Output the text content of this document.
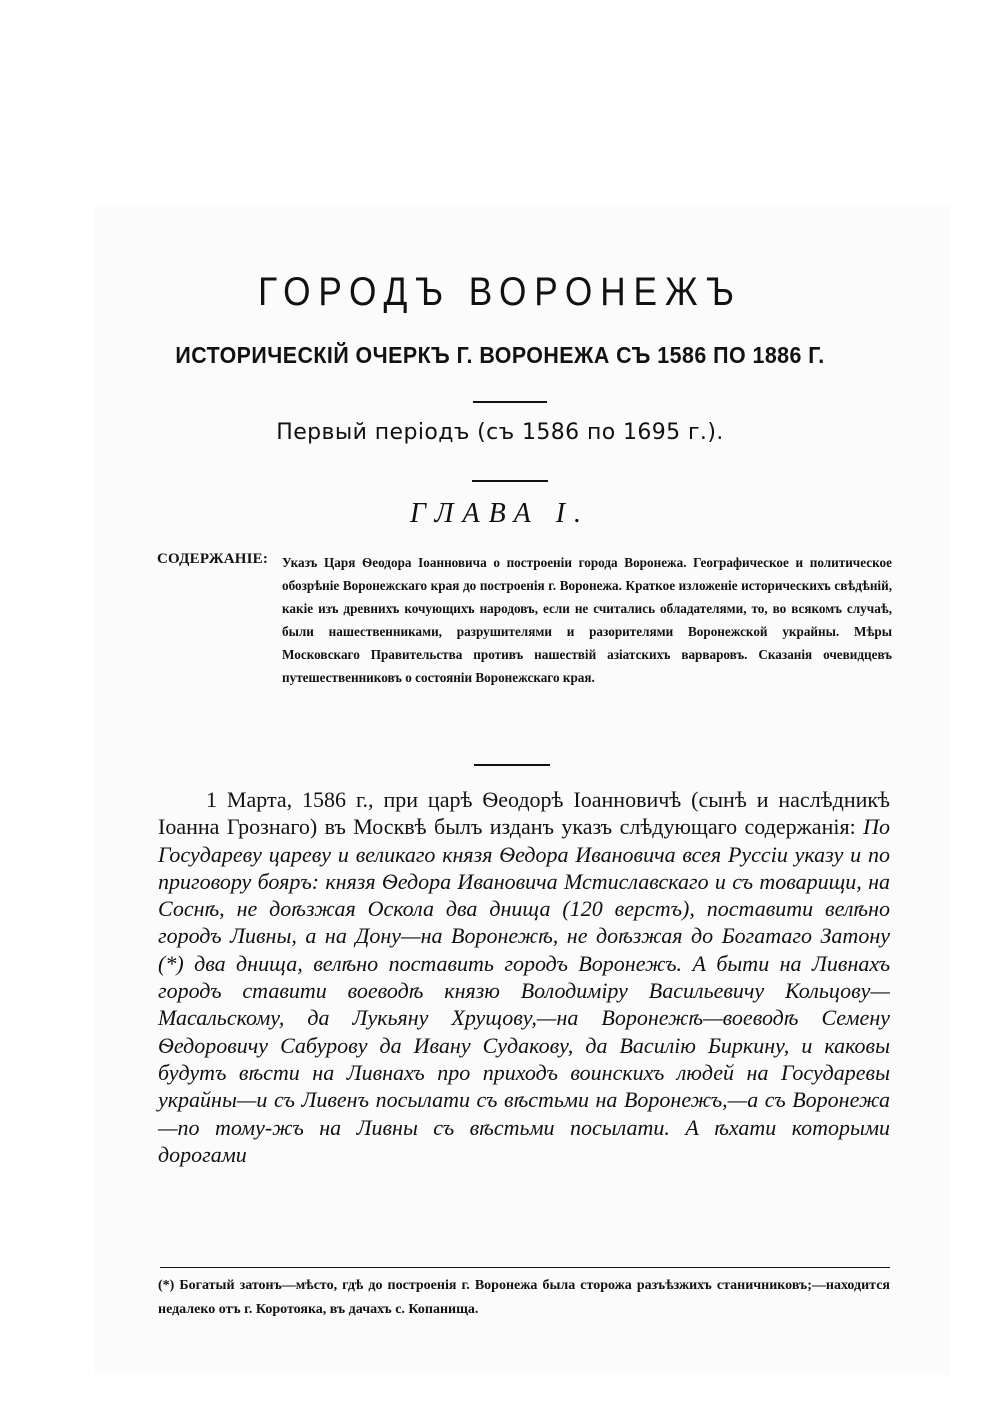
ГОРОДЪ ВОРОНЕЖЪ
ИСТОРИЧЕСКІЙ ОЧЕРКЪ Г. ВОРОНЕЖА СЪ 1586 ПО 1886 Г.
Первый періодъ (съ 1586 по 1695 г.).
ГЛАВА I.
СОДЕРЖАНІЕ: Указъ Царя Ѳеодора Іоанновича о построеніи города Воронежа. Географическое и политическое обозрѣніе Воронежскаго края до построенія г. Воронежа. Краткое изложеніе историческихъ свѣдѣній, какіе изъ древнихъ кочующихъ народовъ, если не считались обладателями, то, во всякомъ случаѣ, были нашественниками, разрушителями и разорителями Воронежской украйны. Мѣры Московскаго Правительства противъ нашествій азіатскихъ варваровъ. Сказанія очевидцевъ путешественниковъ о состояніи Воронежскаго края.
1 Марта, 1586 г., при царѣ Ѳеодорѣ Іоанновичѣ (сынѣ и наслѣдникѣ Іоанна Грознаго) въ Москвѣ былъ изданъ указъ слѣдующаго содержанія: По Государеву цареву и великаго князя Ѳедора Ивановича всея Руссіи указу и по приговору бояръ: князя Ѳедора Ивановича Мстиславскаго и съ товарищи, на Соснѣ, не доѣзжая Оскола два днища (120 верстъ), поставити велѣно городъ Ливны, а на Дону—на Воронежѣ, не доѣзжая до Богатаго Затону (*) два днища, велѣно поставить городъ Воронежъ. А быти на Ливнахъ городъ ставити воеводѣ князю Володимiру Васильевичу Кольцову—Масальскому, да Лукьяну Хрущову,—на Воронежѣ—воеводѣ Семену Ѳедоровичу Сабурову да Ивану Судакову, да Василію Биркину, и каковы будутъ вѣсти на Ливнахъ про приходъ воинскихъ людей на Государевы украйны—и съ Ливенъ посылати съ вѣстьми на Воронежъ,—а съ Воронежа—по тому-жъ на Ливны съ вѣстьми посылати. А ѣхати которыми дорогами
(*) Богатый затонъ—мѣсто, гдѣ до построенія г. Воронежа была сторожа разъѣзжихъ станичниковъ;—находится недалеко отъ г. Коротояка, въ дачахъ с. Копанища.
